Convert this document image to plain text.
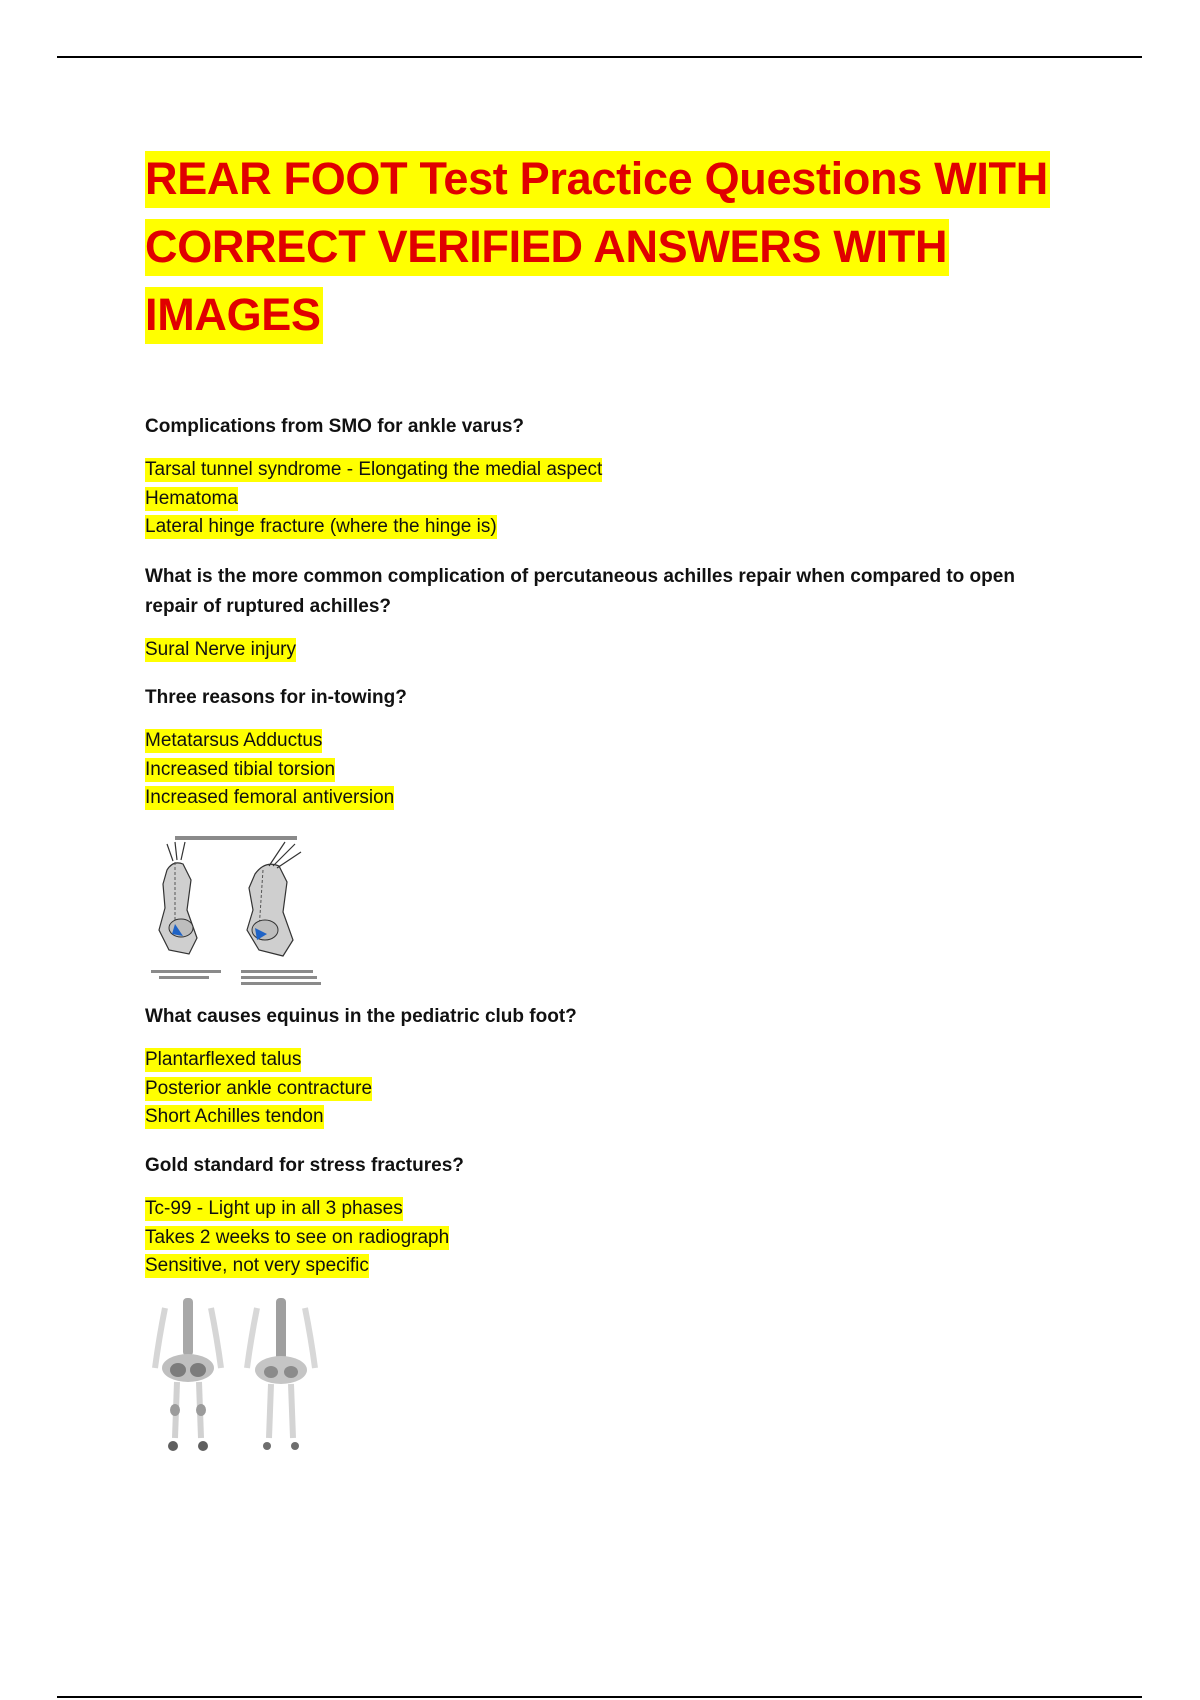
REAR FOOT Test Practice Questions WITH
CORRECT VERIFIED ANSWERS WITH
IMAGES

Complications from SMO for ankle varus?

Tarsal tunnel syndrome - Elongating the medial aspect
Hematoma
Lateral hinge fracture (where the hinge is)

What is the more common complication of percutaneous achilles repair when compared to open repair of ruptured achilles?

Sural Nerve injury

Three reasons for in-towing?

Metatarsus Adductus
Increased tibial torsion
Increased femoral antiversion

What causes equinus in the pediatric club foot?

Plantarflexed talus
Posterior ankle contracture
Short Achilles tendon

Gold standard for stress fractures?

Tc-99 - Light up in all 3 phases
Takes 2 weeks to see on radiograph
Sensitive, not very specific
